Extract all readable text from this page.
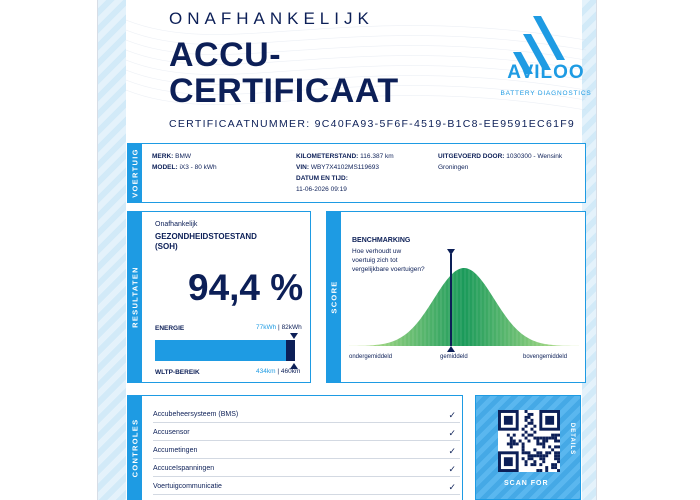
ONAFHANKELIJK
ACCU-
CERTIFICAAT
CERTIFICAATNUMMER: 9C40FA93-5F6F-4519-B1C8-EE9591EC61F9
AVILOO
BATTERY DIAGNOSTICS
VOERTUIG MERK: BMW
MODEL: iX3 - 80 kWh
KILOMETERSTAND: 116.387 km
VIN: WBY7X4102MS119693
DATUM EN TIJD:
11-06-2026 09:19
UITGEVOERD DOOR: 1030300 - Wensink
Groningen
RESULTATEN
Onafhankelijk
GEZONDHEIDSTOESTAND
(SOH)
94,4 %
ENERGIE	77kWh | 82kWh
WLTP-BEREIK	434km | 460km
SCORE
BENCHMARKING
Hoe verhoudt uw
voertuig zich tot
vergelijkbare voertuigen?
ondergemiddeld	gemiddeld	bovengemiddeld
CONTROLES
Accubeheersysteem (BMS)	✓
Accusensor	✓
Accumetingen	✓
AccuceIspanningen	✓
Voertuigcommunicatie	✓	SCAN FOR
DETAILS
